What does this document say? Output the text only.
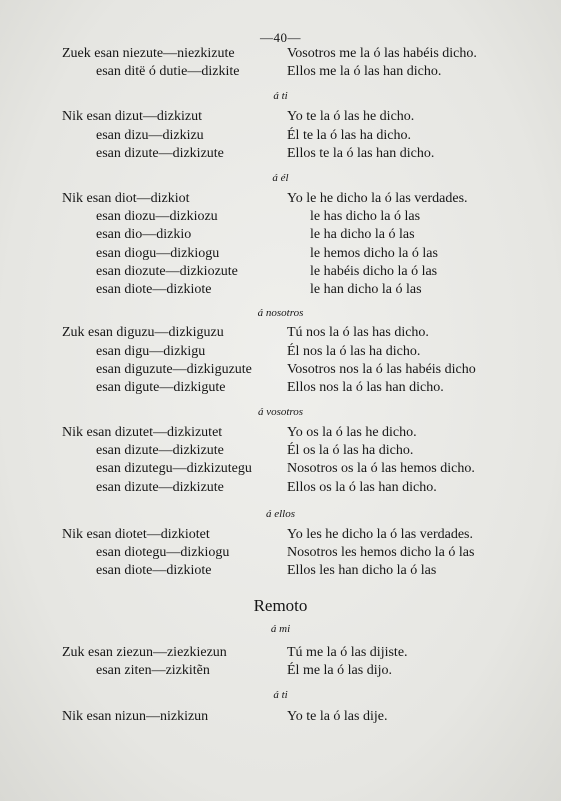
—40—
Zuek esan niezute—niezkizute	Vosotros me la ó las habéis dicho.
esan ditë ó dutie—dizkite	Ellos me la ó las han dicho.
á ti
Nik esan dizut—dizkizut	Yo te la ó las he dicho.
esan dizu—dizkizu	Él te la ó las ha dicho.
esan dizute—dizkizute	Ellos te la ó las han dicho.
á él
Nik esan diot—dizkiot	Yo le he dicho la ó las verdades.
esan diozu—dizkiozu	le has dicho la ó las
esan dio—dizkio	le ha dicho la ó las
esan diogu—dizkiogu	le hemos dicho la ó las
esan diozute—dizkiozute	le habéis dicho la ó las
esan diote—dizkiote	le han dicho la ó las
á nosotros
Zuk esan diguzu—dizkiguzu	Tú nos la ó las has dicho.
esan digu—dizkigu	Él nos la ó las ha dicho.
esan diguzute—dizkiguzute	Vosotros nos la ó las habéis dicho
esan digute—dizkigute	Ellos nos la ó las han dicho.
á vosotros
Nik esan dizutet—dizkizutet	Yo os la ó las he dicho.
esan dizute—dizkizute	Él os la ó las ha dicho.
esan dizutegu—dizkizutegu	Nosotros os la ó las hemos dicho.
esan dizute—dizkizute	Ellos os la ó las han dicho.
á ellos
Nik esan diotet—dizkiotet	Yo les he dicho la ó las verdades.
esan diotegu—dizkiogu	Nosotros les hemos dicho la ó las
esan diote—dizkiote	Ellos les han dicho la ó las
Remoto
á mi
Zuk esan ziezun—ziezkiezun	Tú me la ó las dijiste.
esan ziten—zizkitẽn	Él me la ó las dijo.
á ti
Nik esan nizun—nizkizun	Yo te la ó las dije.
